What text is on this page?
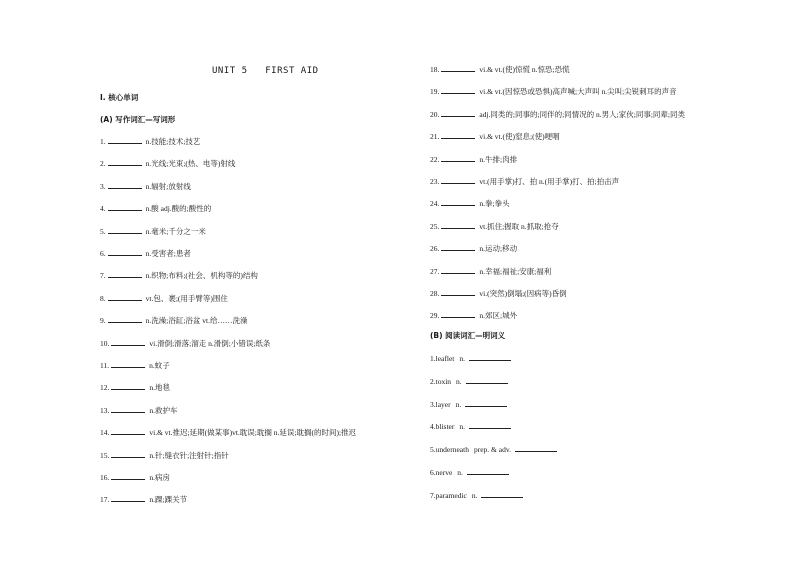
UNIT 5   FIRST AID
Ⅰ. 核心单词
(A) 写作词汇—写词形
1.	n.技能;技术;技艺
2.	n.光线;光束;(热、电等)射线
3.	n.辐射;放射线
4.	n.酸 adj.酸的;酸性的
5.	n.毫米;千分之一米
6.	n.受害者;患者
7.	n.织物;布料;(社会、机构等的)结构
8.	vt.包、裹;(用手臂等)围住
9.	n.洗澡;浴缸;浴盆 vt.给……洗澡
10.	vi.滑倒;滑落;溜走 n.滑倒;小错误;纸条
11.	n.蚊子
12.	n.地毯
13.	n.救护车
14.	vi.& vt.推迟;延期(做某事)vt.耽误;耽搁 n.延误;耽搁(的时间);推迟
15.	n.针;缝衣针;注射针;指针
16.	n.病房
17.	n.踝;踝关节
18.	vi.& vt.(使)惊慌 n.惊恐;恐慌
19.	vi.& vt.(因惊恐或恐惧)高声喊;大声叫 n.尖叫;尖锐刺耳的声音
20.	adj.同类的;同事的;同伴的;同情况的 n.男人;家伙;同事;同辈;同类
21.	vi.& vt.(使)窒息;(使)哽咽
22.	n.牛排;肉排
23.	vt.(用手掌)打、拍 n.(用手掌)打、拍;拍击声
24.	n.拳;拳头
25.	vt.抓住;握取 n.抓取;抢夺
26.	n.运动;移动
27.	n.幸福;福祉;安康;福利
28.	vi.(突然)倒塌;(因病等)昏倒
29.	n.郊区;城外
(B) 阅读词汇—明词义
1.leaflet n.
2.toxin n.
3.layer n.
4.blister n.
5.underneath prep. & adv.
6.nerve n.
7.paramedic n.
